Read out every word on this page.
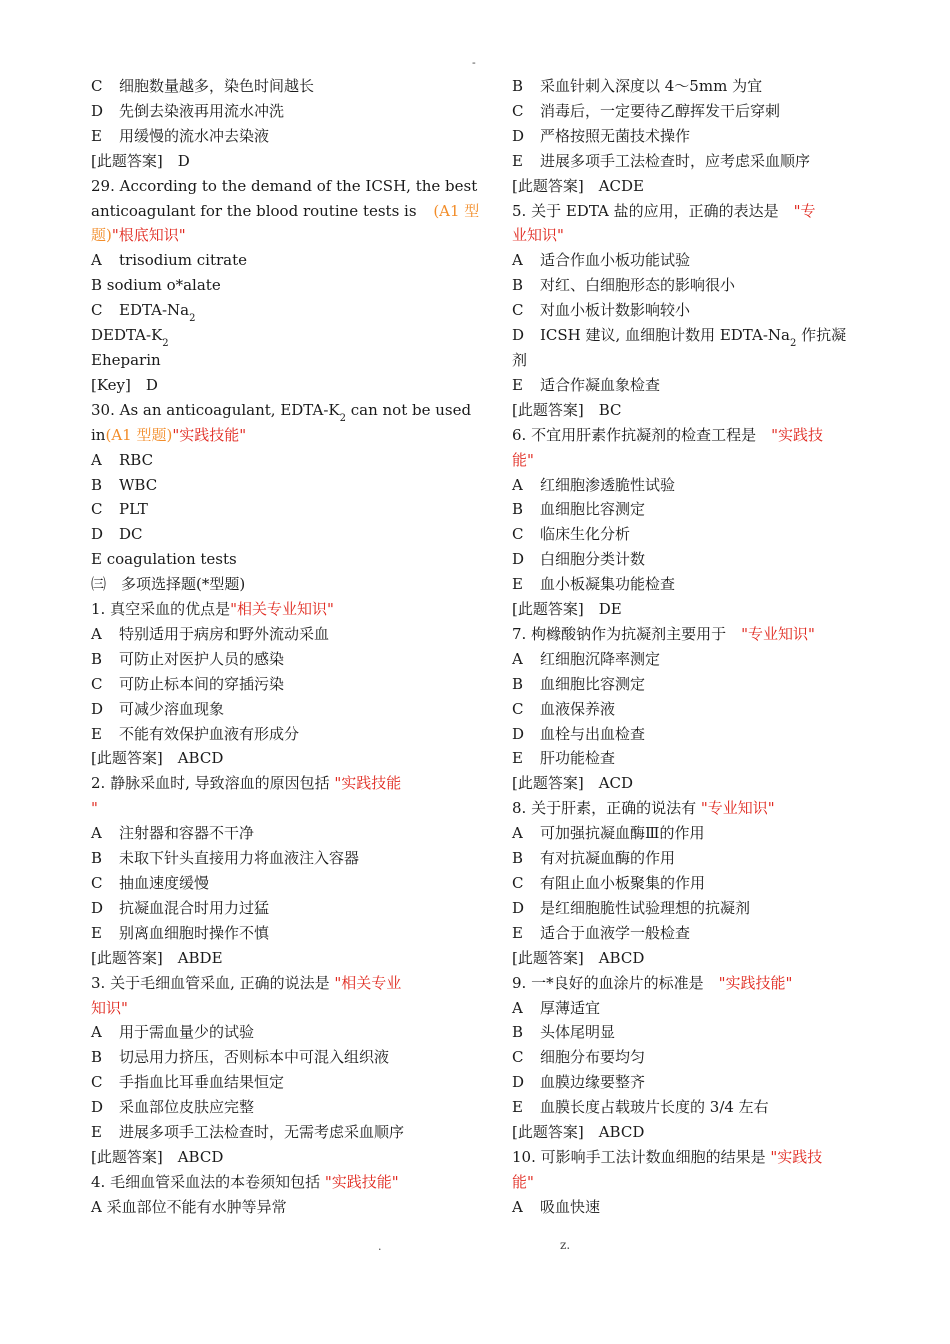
-
C 细胞数量越多，染色时间越长
D 先倒去染液再用流水冲洗
E 用缓慢的流水冲去染液
[此题答案]　D
29. According to the demand of the ICSH, the best
anticoagulant for the blood routine tests is (A1 型
题)"根底知识"
A trisodium citrate
B sodium o*alate
C EDTA-$Na_2$
DEDTA-$K_2$
Eheparin
[Key]　D
30. As an anticoagulant, EDTA-$K_2$ can not be used
in(A1 型题)"实践技能"
A RBC
B WBC
C PLT
D DC
E coagulation tests
㈢　多项选择题(*型题)
1. 真空采血的优点是"相关专业知识"
A 特别适用于病房和野外流动采血
B 可防止对医护人员的感染
C 可防止标本间的穿插污染
D 可减少溶血现象
E 不能有效保护血液有形成分
[此题答案]　ABCD
2. 静脉采血时, 导致溶血的原因包括 "实践技能
"
A 注射器和容器不干净
B 未取下针头直接用力将血液注入容器
C 抽血速度缓慢
D 抗凝血混合时用力过猛
E 别离血细胞时操作不慎
[此题答案]　ABDE
3. 关于毛细血管采血, 正确的说法是 "相关专业
知识"
A 用于需血量少的试验
B 切忌用力挤压，否则标本中可混入组织液
C 手指血比耳垂血结果恒定
D 采血部位皮肤应完整
E 进展多项手工法检查时，无需考虑采血顺序
[此题答案]　ABCD
4. 毛细血管采血法的本卷须知包括 "实践技能"
A 采血部位不能有水肿等异常
B 采血针刺入深度以 4～5mm 为宜
C 消毒后，一定要待乙醇挥发干后穿刺
D 严格按照无菌技术操作
E 进展多项手工法检查时，应考虑采血顺序
[此题答案]　ACDE
5. 关于 EDTA 盐的应用，正确的表达是　"专
业知识"
A 适合作血小板功能试验
B 对红、白细胞形态的影响很小
C 对血小板计数影响较小
D ICSH 建议, 血细胞计数用 EDTA-$Na_2$ 作抗凝
剂
E 适合作凝血象检查
[此题答案]　BC
6. 不宜用肝素作抗凝剂的检查工程是　"实践技
能"
A 红细胞渗透脆性试验
B 血细胞比容测定
C 临床生化分析
D 白细胞分类计数
E 血小板凝集功能检查
[此题答案]　DE
7. 枸橼酸钠作为抗凝剂主要用于　"专业知识"
A 红细胞沉降率测定
B 血细胞比容测定
C 血液保养液
D 血栓与出血检查
E 肝功能检查
[此题答案]　ACD
8. 关于肝素，正确的说法有 "专业知识"
A 可加强抗凝血酶Ⅲ的作用
B 有对抗凝血酶的作用
C 有阻止血小板聚集的作用
D 是红细胞脆性试验理想的抗凝剂
E 适合于血液学一般检查
[此题答案]　ABCD
9. 一*良好的血涂片的标准是　"实践技能"
A 厚薄适宜
B 头体尾明显
C 细胞分布要均匀
D 血膜边缘要整齐
E 血膜长度占载玻片长度的 3/4 左右
[此题答案]　ABCD
10. 可影响手工法计数血细胞的结果是 "实践技
能"
A 吸血快速
.	z.
